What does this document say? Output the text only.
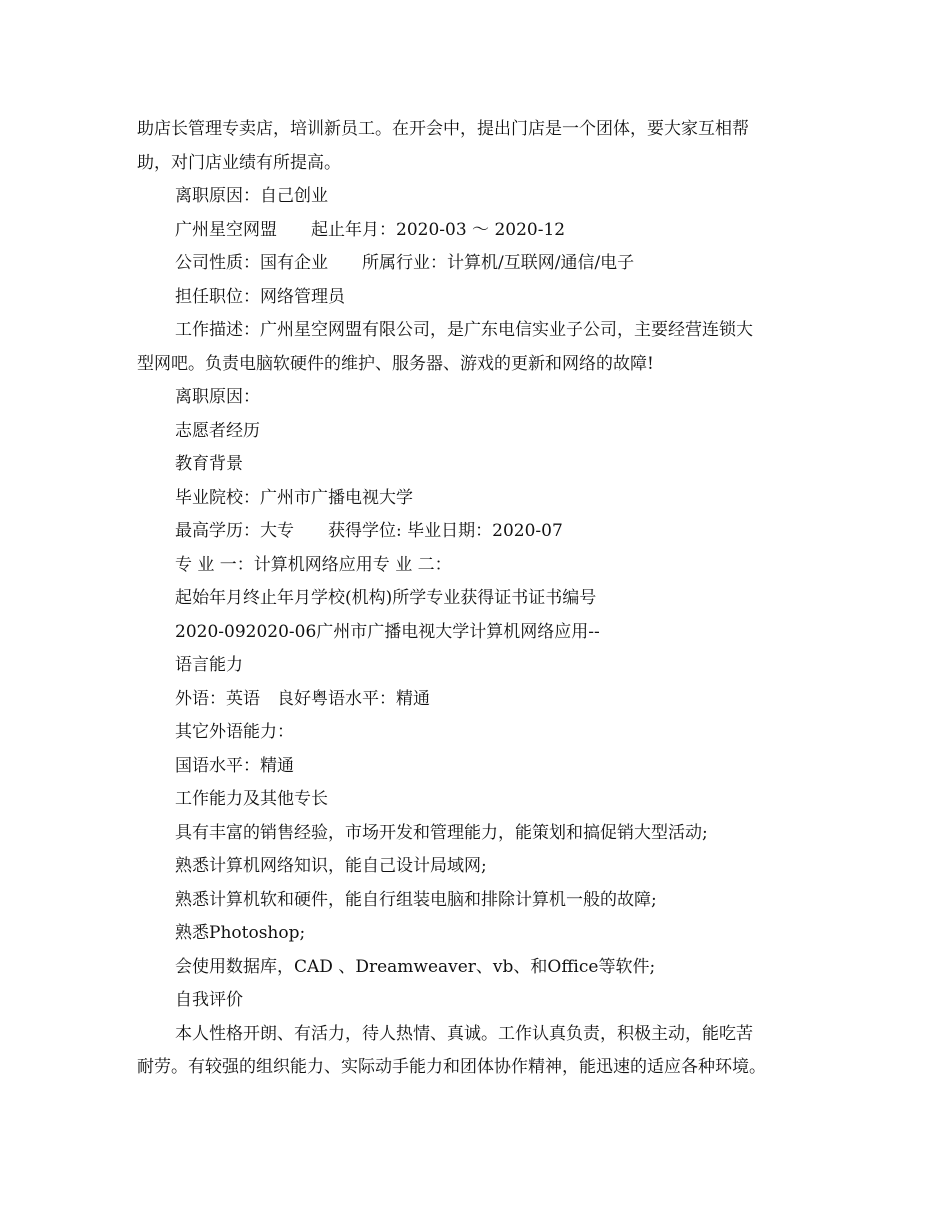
助店长管理专卖店，培训新员工。在开会中，提出门店是一个团体，要大家互相帮
助，对门店业绩有所提高。
离职原因：自己创业
广州星空网盟　　起止年月：2020-03 ～ 2020-12
公司性质：国有企业　　所属行业：计算机/互联网/通信/电子
担任职位：网络管理员
工作描述：广州星空网盟有限公司，是广东电信实业子公司，主要经营连锁大
型网吧。负责电脑软硬件的维护、服务器、游戏的更新和网络的故障!
离职原因：
志愿者经历
教育背景
毕业院校：广州市广播电视大学
最高学历：大专　　获得学位: 毕业日期：2020-07
专 业 一：计算机网络应用专 业 二：
起始年月终止年月学校(机构)所学专业获得证书证书编号
2020-092020-06广州市广播电视大学计算机网络应用--
语言能力
外语：英语　良好粤语水平：精通
其它外语能力：
国语水平：精通
工作能力及其他专长
具有丰富的销售经验，市场开发和管理能力，能策划和搞促销大型活动;
熟悉计算机网络知识，能自己设计局域网;
熟悉计算机软和硬件，能自行组装电脑和排除计算机一般的故障;
熟悉Photoshop;
会使用数据库，CAD 、Dreamweaver、vb、和Office等软件;
自我评价
本人性格开朗、有活力，待人热情、真诚。工作认真负责，积极主动，能吃苦
耐劳。有较强的组织能力、实际动手能力和团体协作精神，能迅速的适应各种环境。
